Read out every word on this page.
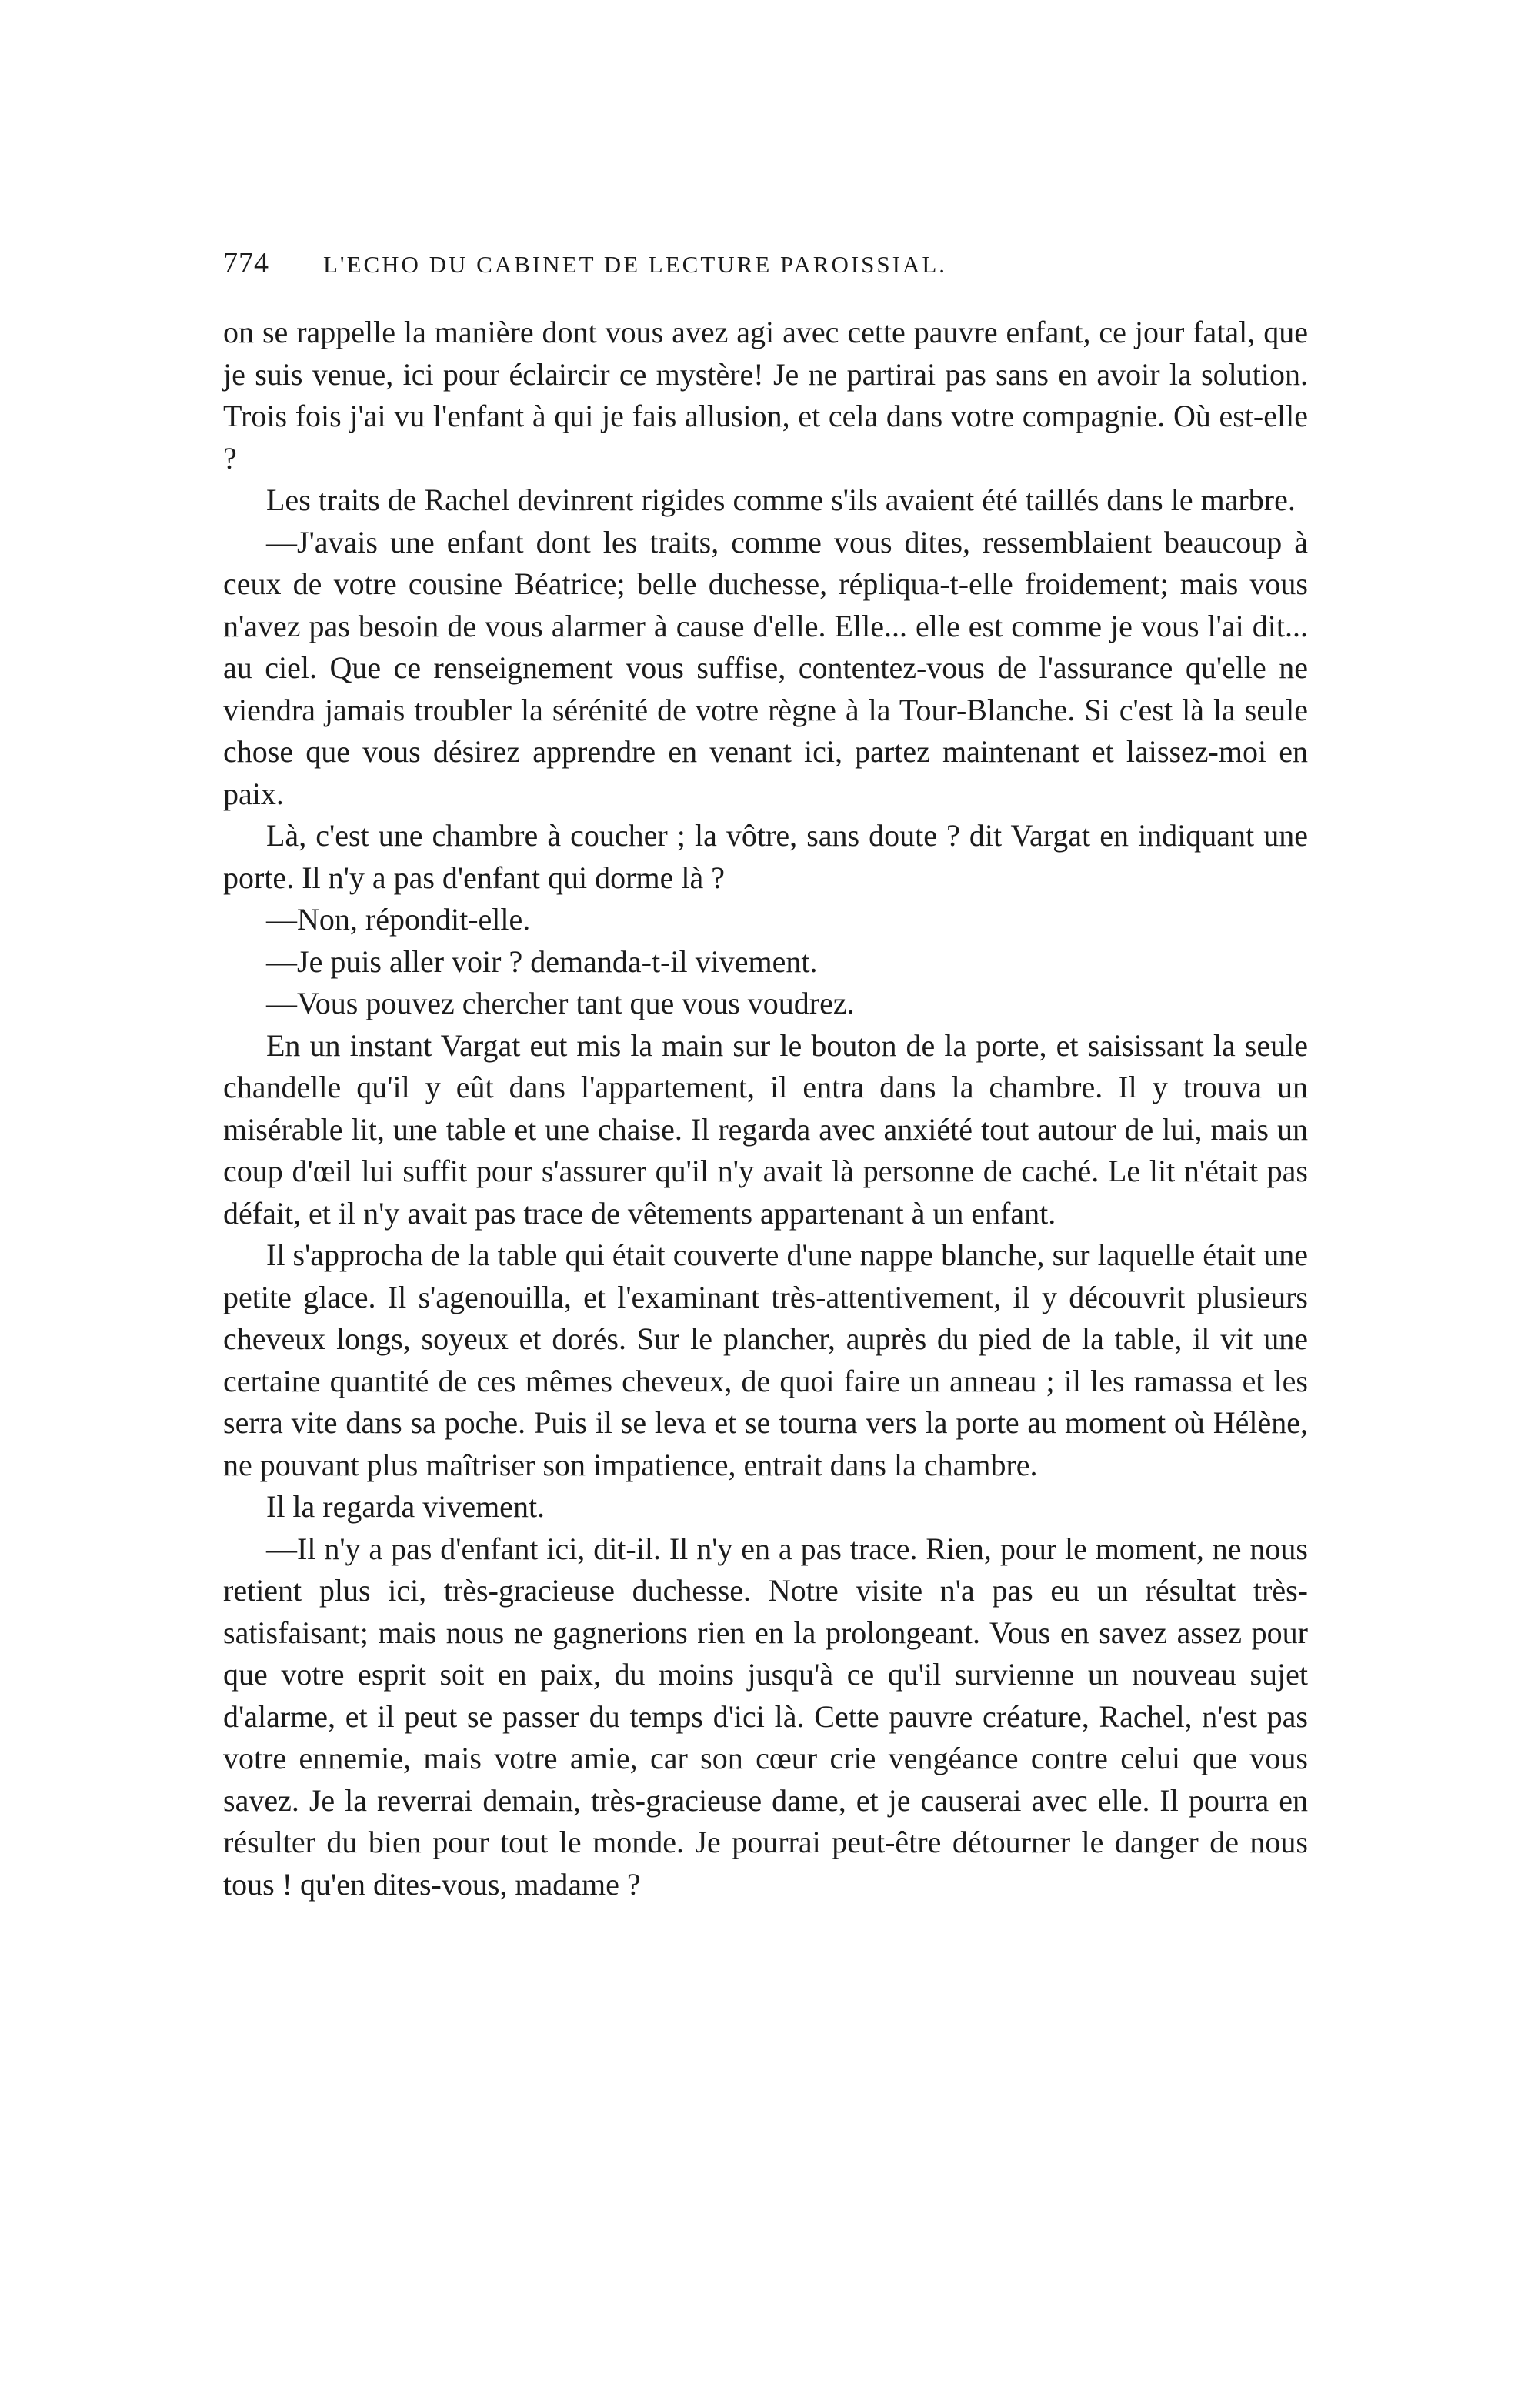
774 L'ECHO DU CABINET DE LECTURE PAROISSIAL.

on se rappelle la manière dont vous avez agi avec cette pauvre enfant, ce jour fatal, que je suis venue, ici pour éclaircir ce mystère! Je ne partirai pas sans en avoir la solution. Trois fois j'ai vu l'enfant à qui je fais allusion, et cela dans votre compagnie. Où est-elle ?

Les traits de Rachel devinrent rigides comme s'ils avaient été taillés dans le marbre.

—J'avais une enfant dont les traits, comme vous dites, ressemblaient beaucoup à ceux de votre cousine Béatrice; belle duchesse, répliqua-t-elle froidement; mais vous n'avez pas besoin de vous alarmer à cause d'elle. Elle... elle est comme je vous l'ai dit... au ciel. Que ce renseignement vous suffise, contentez-vous de l'assurance qu'elle ne viendra jamais troubler la sérénité de votre règne à la Tour-Blanche. Si c'est là la seule chose que vous désirez apprendre en venant ici, partez maintenant et laissez-moi en paix.

Là, c'est une chambre à coucher ; la vôtre, sans doute ? dit Vargat en indiquant une porte. Il n'y a pas d'enfant qui dorme là ?

—Non, répondit-elle.

—Je puis aller voir ? demanda-t-il vivement.

—Vous pouvez chercher tant que vous voudrez.

En un instant Vargat eut mis la main sur le bouton de la porte, et saisissant la seule chandelle qu'il y eût dans l'appartement, il entra dans la chambre. Il y trouva un misérable lit, une table et une chaise. Il regarda avec anxiété tout autour de lui, mais un coup d'œil lui suffit pour s'assurer qu'il n'y avait là personne de caché. Le lit n'était pas défait, et il n'y avait pas trace de vêtements appartenant à un enfant.

Il s'approcha de la table qui était couverte d'une nappe blanche, sur laquelle était une petite glace. Il s'agenouilla, et l'examinant très-attentivement, il y découvrit plusieurs cheveux longs, soyeux et dorés. Sur le plancher, auprès du pied de la table, il vit une certaine quantité de ces mêmes cheveux, de quoi faire un anneau ; il les ramassa et les serra vite dans sa poche. Puis il se leva et se tourna vers la porte au moment où Hélène, ne pouvant plus maîtriser son impatience, entrait dans la chambre.

Il la regarda vivement.

—Il n'y a pas d'enfant ici, dit-il. Il n'y en a pas trace. Rien, pour le moment, ne nous retient plus ici, très-gracieuse duchesse. Notre visite n'a pas eu un résultat très-satisfaisant; mais nous ne gagnerions rien en la prolongeant. Vous en savez assez pour que votre esprit soit en paix, du moins jusqu'à ce qu'il survienne un nouveau sujet d'alarme, et il peut se passer du temps d'ici là. Cette pauvre créature, Rachel, n'est pas votre ennemie, mais votre amie, car son cœur crie vengéance contre celui que vous savez. Je la reverrai demain, très-gracieuse dame, et je causerai avec elle. Il pourra en résulter du bien pour tout le monde. Je pourrai peut-être détourner le danger de nous tous ! qu'en dites-vous, madame ?
